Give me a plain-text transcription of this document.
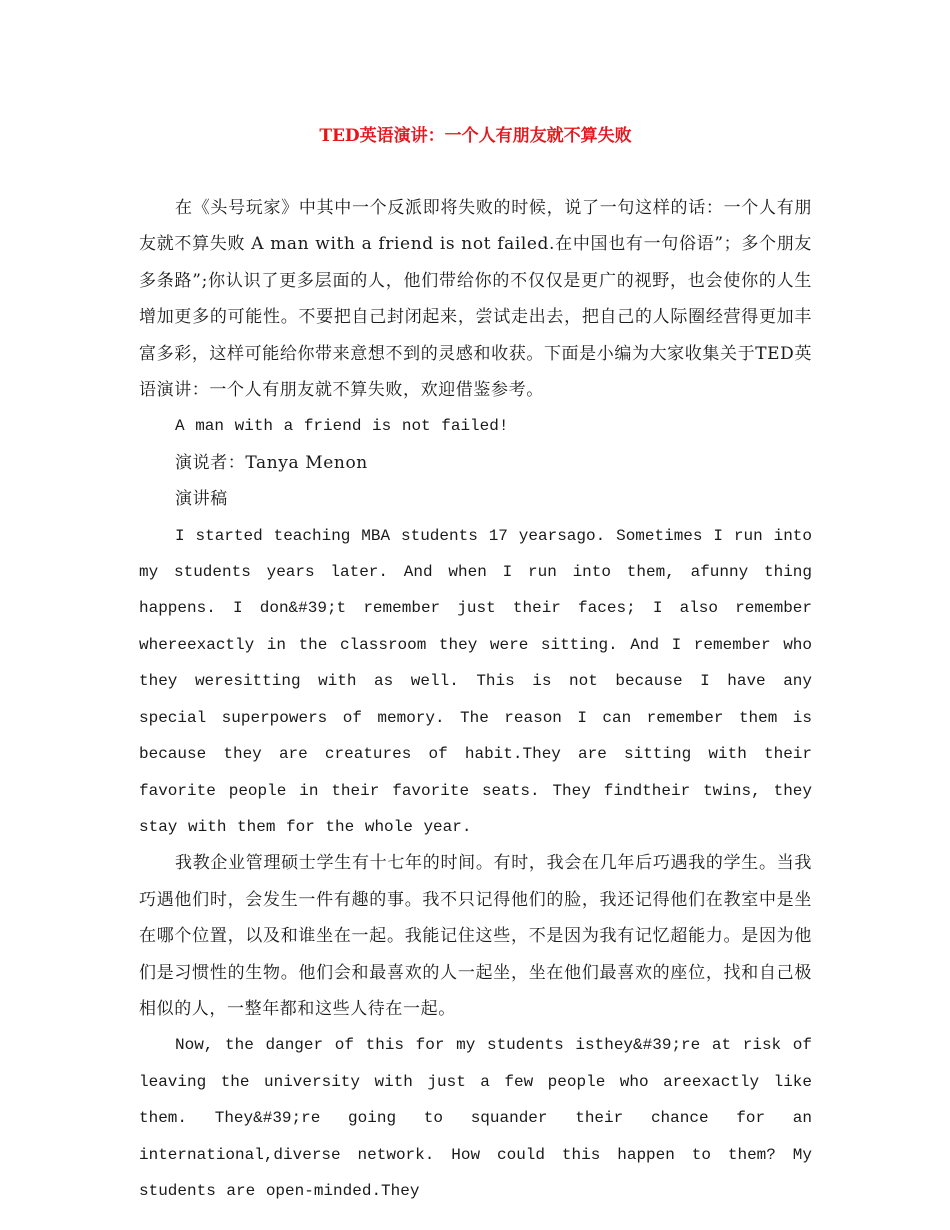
TED英语演讲：一个人有朋友就不算失败

在《头号玩家》中其中一个反派即将失败的时候，说了一句这样的话：一个人有朋友就不算失败 A man with a friend is not failed.在中国也有一句俗语”；多个朋友多条路”;你认识了更多层面的人，他们带给你的不仅仅是更广的视野，也会使你的人生增加更多的可能性。不要把自己封闭起来，尝试走出去，把自己的人际圈经营得更加丰富多彩，这样可能给你带来意想不到的灵感和收获。下面是小编为大家收集关于TED英语演讲：一个人有朋友就不算失败，欢迎借鉴参考。

A man with a friend is not failed!

演说者：Tanya Menon

演讲稿

I started teaching MBA students 17 yearsago. Sometimes I run into my students years later. And when I run into them, afunny thing happens. I don&#39;t remember just their faces; I also remember whereexactly in the classroom they were sitting. And I remember who they weresitting with as well. This is not because I have any special superpowers of memory. The reason I can remember them is because they are creatures of habit.They are sitting with their favorite people in their favorite seats. They findtheir twins, they stay with them for the whole year.

我教企业管理硕士学生有十七年的时间。有时，我会在几年后巧遇我的学生。当我巧遇他们时，会发生一件有趣的事。我不只记得他们的脸，我还记得他们在教室中是坐在哪个位置，以及和谁坐在一起。我能记住这些，不是因为我有记忆超能力。是因为他们是习惯性的生物。他们会和最喜欢的人一起坐，坐在他们最喜欢的座位，找和自己极相似的人，一整年都和这些人待在一起。

Now, the danger of this for my students isthey&#39;re at risk of leaving the university with just a few people who areexactly like them. They&#39;re going to squander their chance for an international,diverse network. How could this happen to them? My students are open-minded.They
